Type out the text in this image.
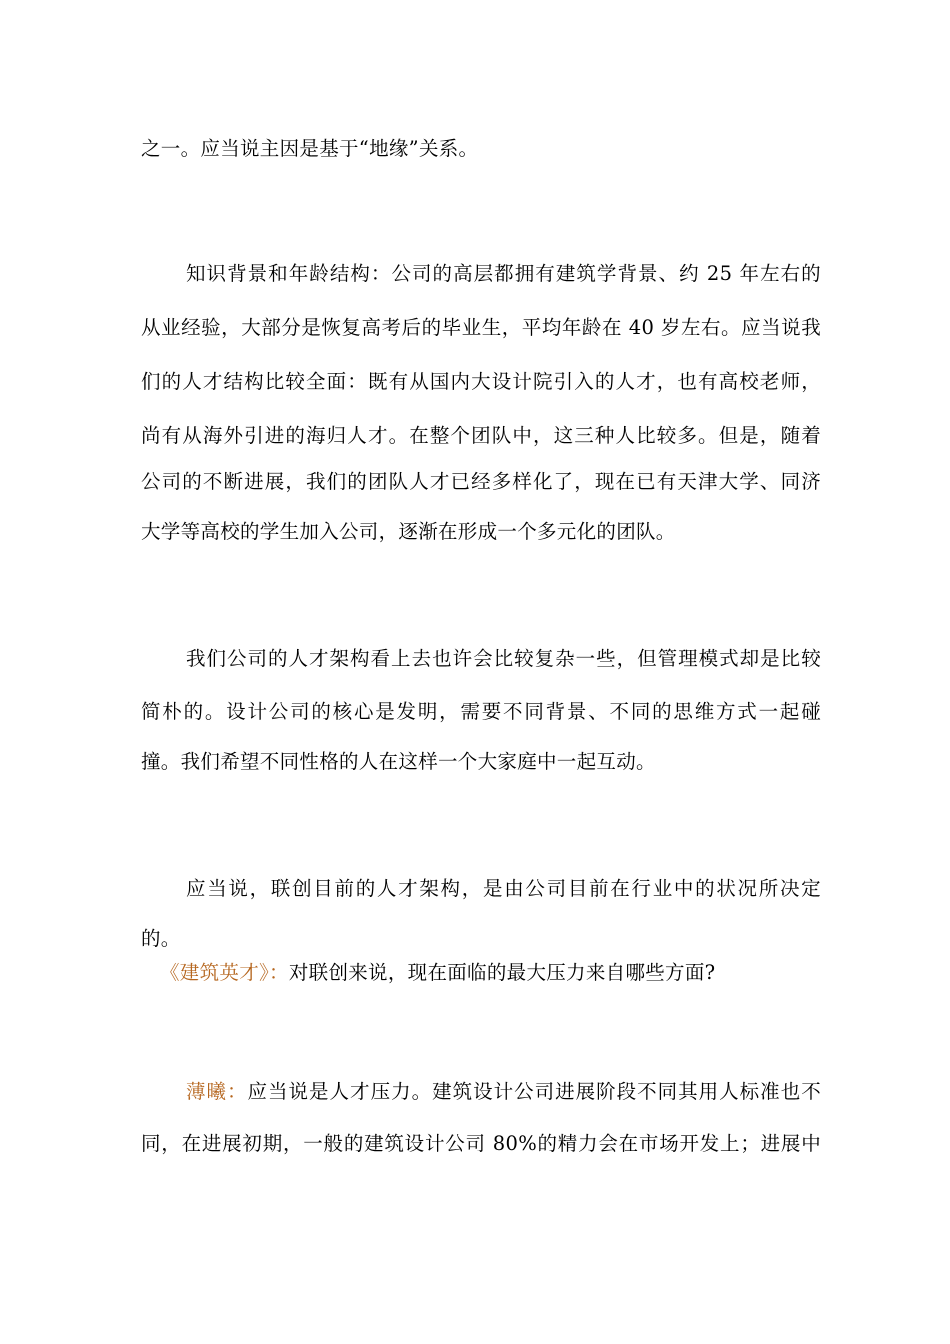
之一。应当说主因是基于“地缘”关系。
知识背景和年龄结构：公司的高层都拥有建筑学背景、约 25 年左右的
从业经验，大部分是恢复高考后的毕业生，平均年龄在 40 岁左右。应当说我
们的人才结构比较全面：既有从国内大设计院引入的人才，也有高校老师，
尚有从海外引进的海归人才。在整个团队中，这三种人比较多。但是，随着
公司的不断进展，我们的团队人才已经多样化了，现在已有天津大学、同济
大学等高校的学生加入公司，逐渐在形成一个多元化的团队。
我们公司的人才架构看上去也许会比较复杂一些，但管理模式却是比较
简朴的。设计公司的核心是发明，需要不同背景、不同的思维方式一起碰
撞。我们希望不同性格的人在这样一个大家庭中一起互动。
应当说，联创目前的人才架构，是由公司目前在行业中的状况所决定
的。
《建筑英才》：对联创来说，现在面临的最大压力来自哪些方面?
薄曦：应当说是人才压力。建筑设计公司进展阶段不同其用人标准也不
同，在进展初期，一般的建筑设计公司 80%的精力会在市场开发上；进展中
